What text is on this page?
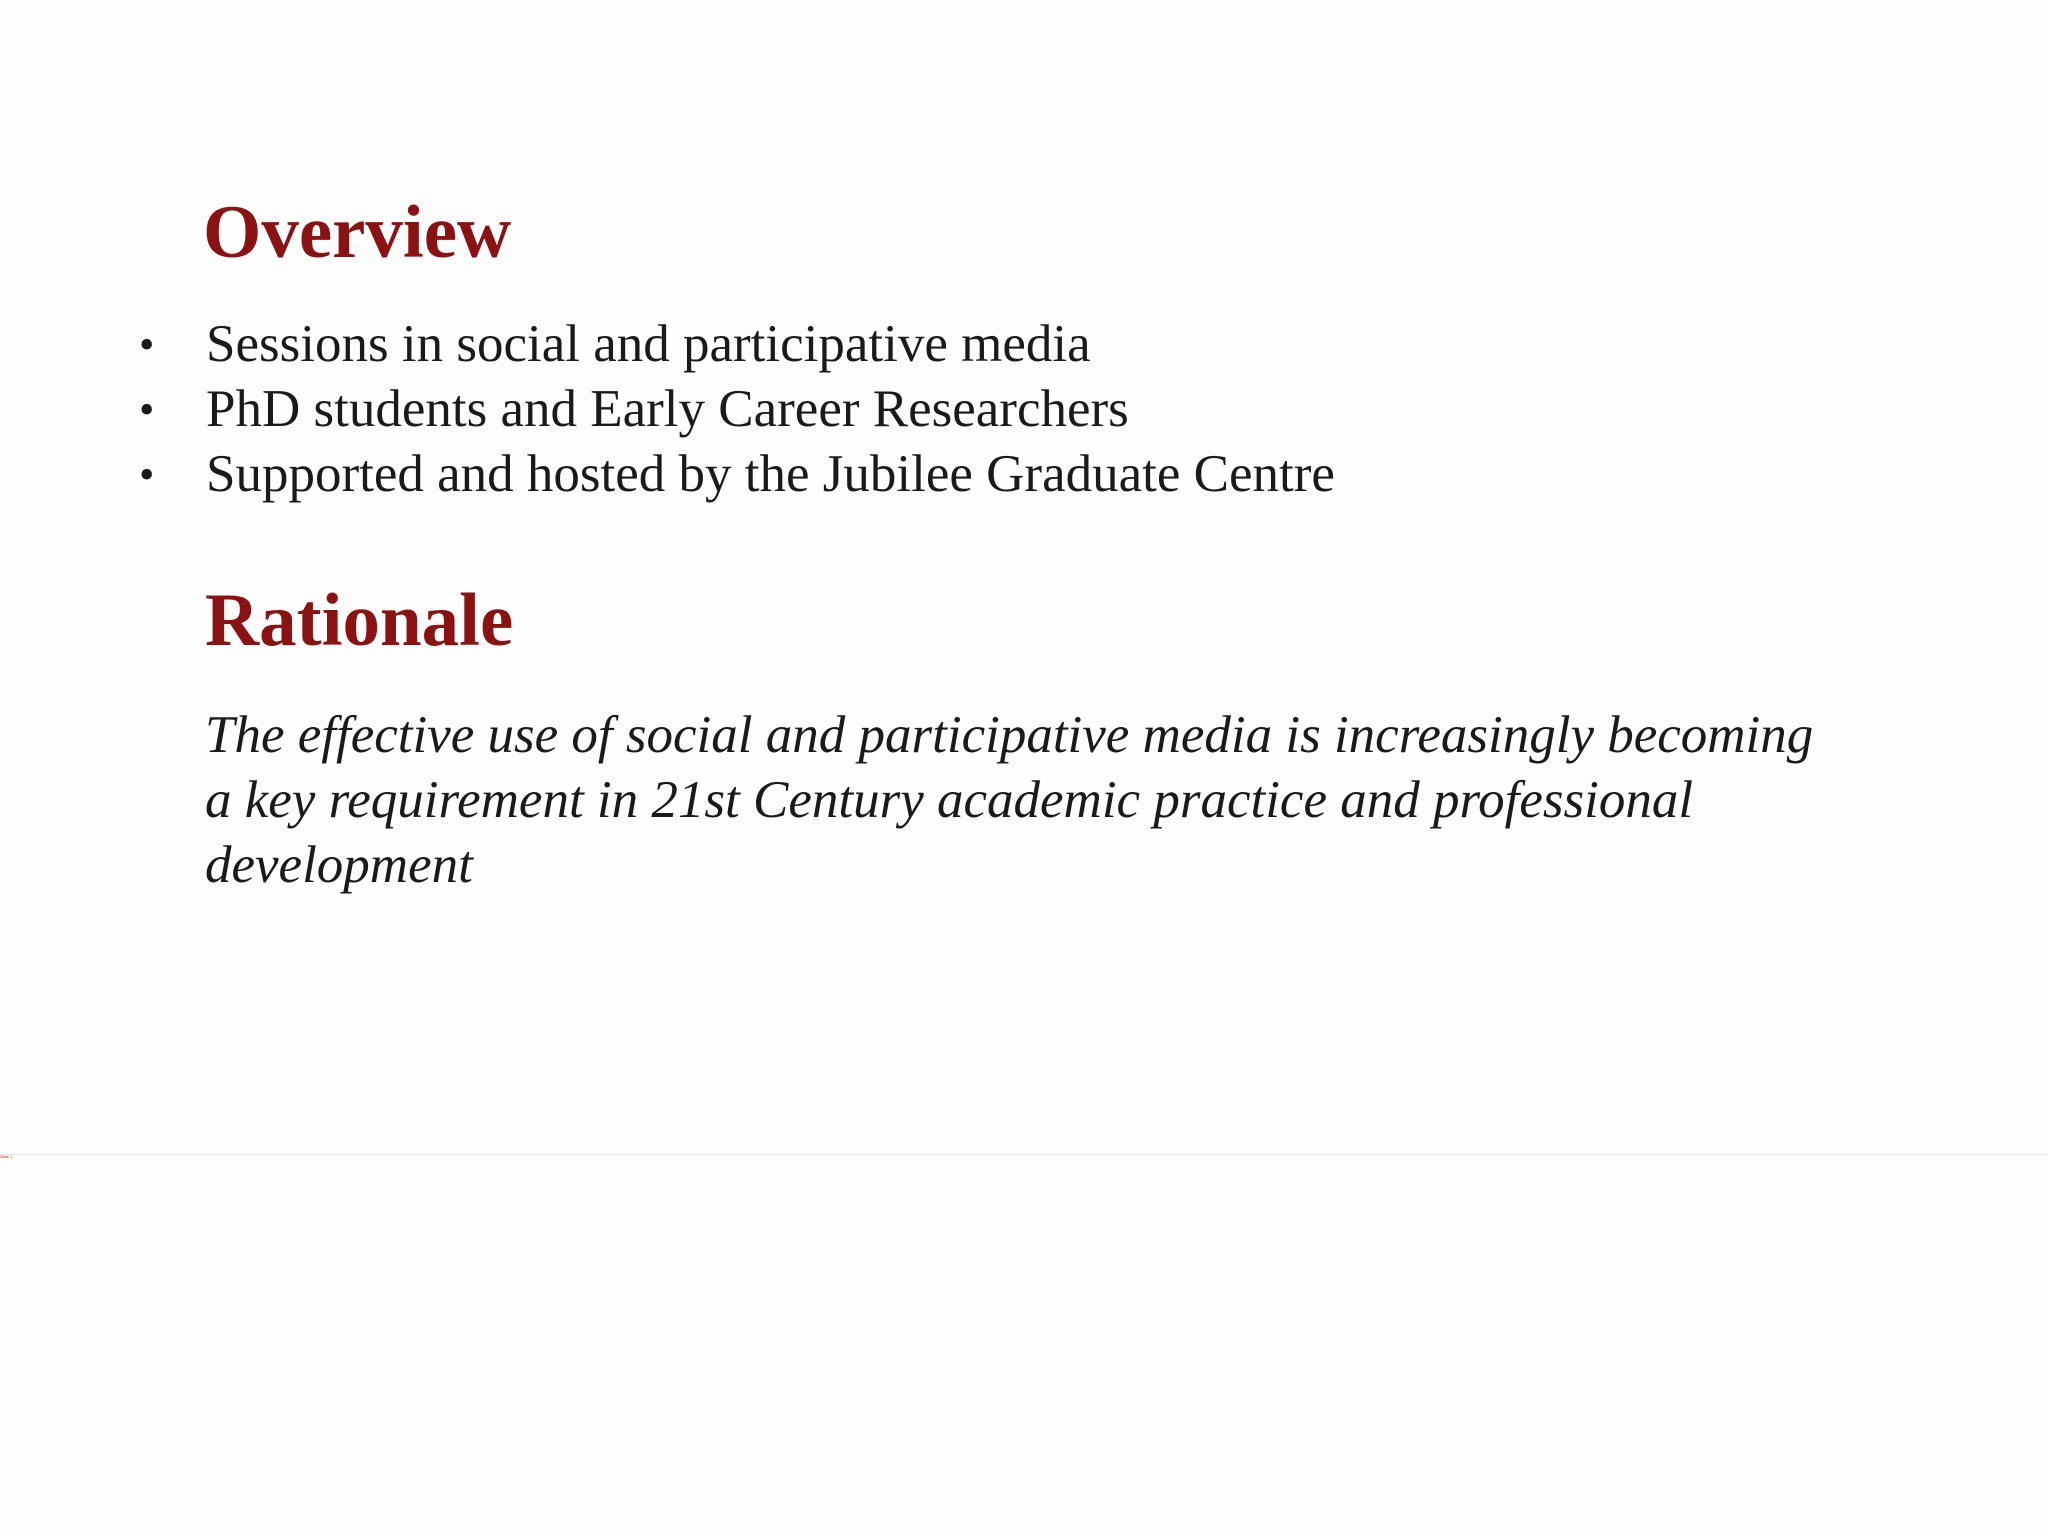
Overview
• Sessions in social and participative media
• PhD students and Early Career Researchers
• Supported and hosted by the Jubilee Graduate Centre
Rationale

The effective use of social and participative media is increasingly becoming a key requirement in 21st Century academic practice and professional development

Slide 1
